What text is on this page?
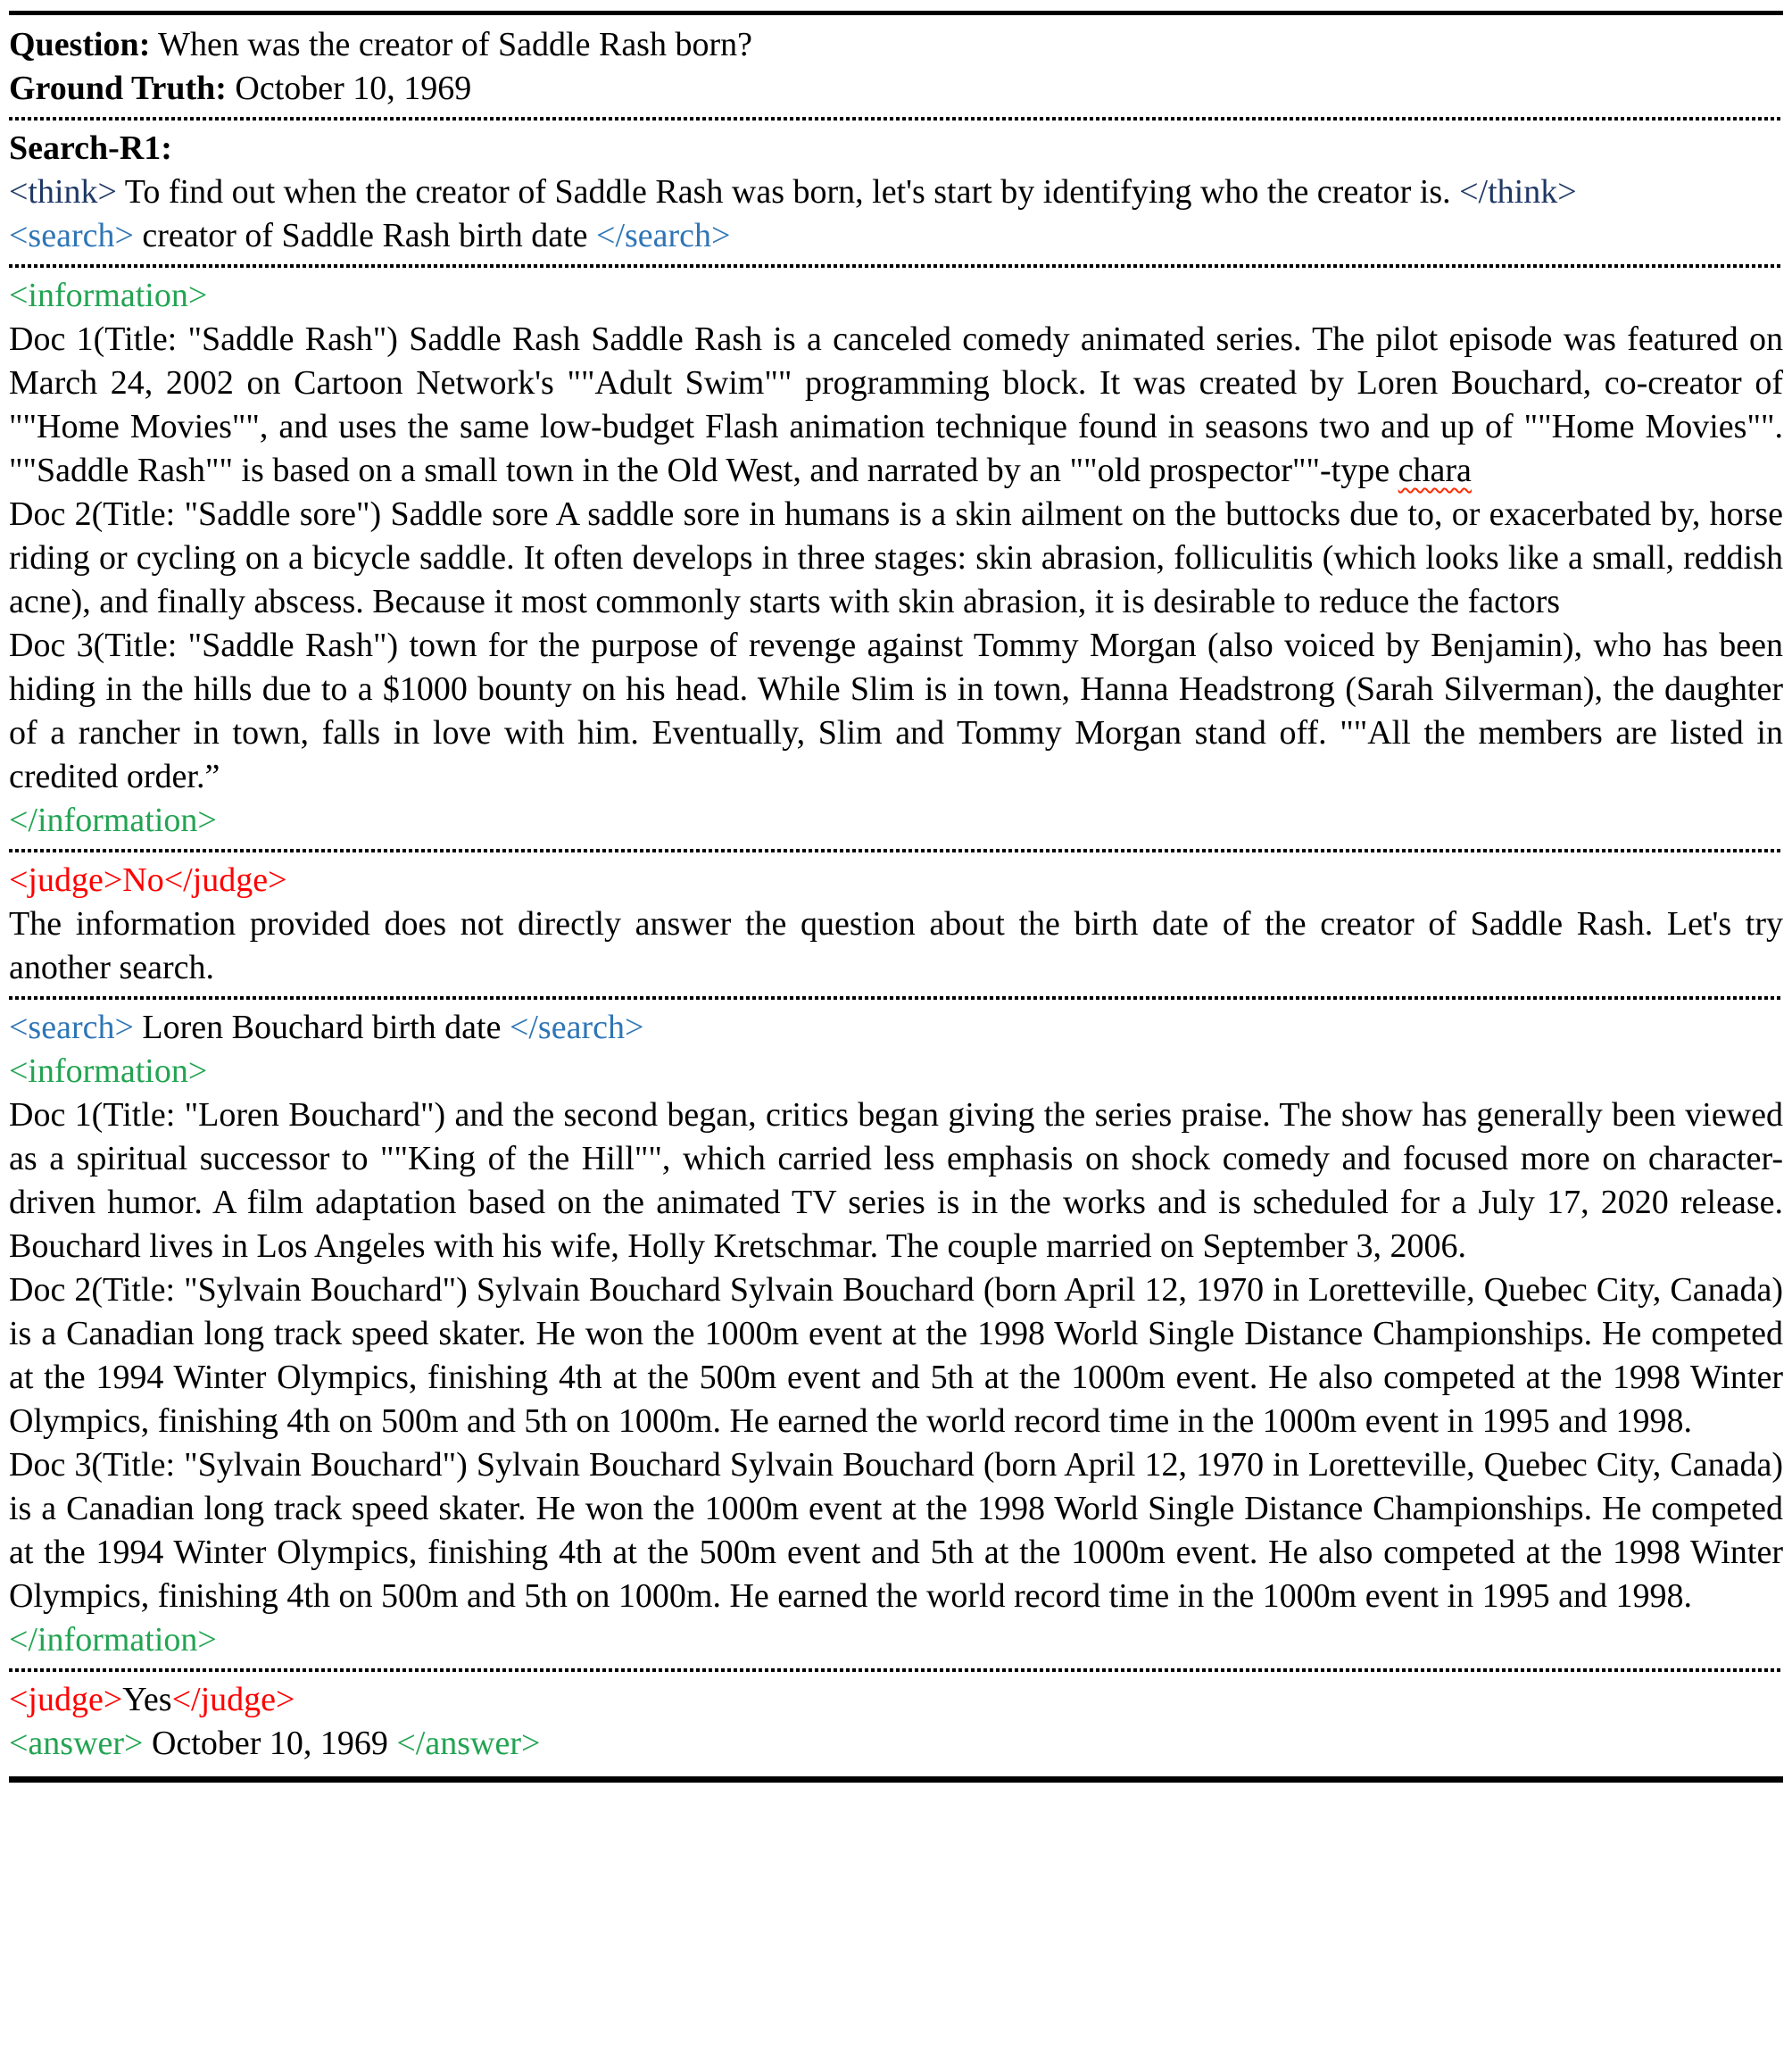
Question: When was the creator of Saddle Rash born?

Ground Truth: October 10, 1969

Search-R1:

<think> To find out when the creator of Saddle Rash was born, let's start by identifying who the creator is. </think>

<search> creator of Saddle Rash birth date </search>

<information>

Doc 1(Title: "Saddle Rash") Saddle Rash Saddle Rash is a canceled comedy animated series. The pilot episode was featured on March 24, 2002 on Cartoon Network's ""Adult Swim"" programming block. It was created by Loren Bouchard, co-creator of ""Home Movies"", and uses the same low-budget Flash animation technique found in seasons two and up of ""Home Movies"". ""Saddle Rash"" is based on a small town in the Old West, and narrated by an ""old prospector""-type chara

Doc 2(Title: "Saddle sore") Saddle sore A saddle sore in humans is a skin ailment on the buttocks due to, or exacerbated by, horse riding or cycling on a bicycle saddle. It often develops in three stages: skin abrasion, folliculitis (which looks like a small, reddish acne), and finally abscess. Because it most commonly starts with skin abrasion, it is desirable to reduce the factors

Doc 3(Title: "Saddle Rash") town for the purpose of revenge against Tommy Morgan (also voiced by Benjamin), who has been hiding in the hills due to a $1000 bounty on his head. While Slim is in town, Hanna Headstrong (Sarah Silverman), the daughter of a rancher in town, falls in love with him. Eventually, Slim and Tommy Morgan stand off. ""All the members are listed in credited order.”

</information>

<judge>No</judge>

The information provided does not directly answer the question about the birth date of the creator of Saddle Rash. Let's try another search.

<search> Loren Bouchard birth date </search>

<information>

Doc 1(Title: "Loren Bouchard") and the second began, critics began giving the series praise. The show has generally been viewed as a spiritual successor to ""King of the Hill"", which carried less emphasis on shock comedy and focused more on character-driven humor. A film adaptation based on the animated TV series is in the works and is scheduled for a July 17, 2020 release. Bouchard lives in Los Angeles with his wife, Holly Kretschmar. The couple married on September 3, 2006.

Doc 2(Title: "Sylvain Bouchard") Sylvain Bouchard Sylvain Bouchard (born April 12, 1970 in Loretteville, Quebec City, Canada) is a Canadian long track speed skater. He won the 1000m event at the 1998 World Single Distance Championships. He competed at the 1994 Winter Olympics, finishing 4th at the 500m event and 5th at the 1000m event. He also competed at the 1998 Winter Olympics, finishing 4th on 500m and 5th on 1000m. He earned the world record time in the 1000m event in 1995 and 1998.

Doc 3(Title: "Sylvain Bouchard") Sylvain Bouchard Sylvain Bouchard (born April 12, 1970 in Loretteville, Quebec City, Canada) is a Canadian long track speed skater. He won the 1000m event at the 1998 World Single Distance Championships. He competed at the 1994 Winter Olympics, finishing 4th at the 500m event and 5th at the 1000m event. He also competed at the 1998 Winter Olympics, finishing 4th on 500m and 5th on 1000m. He earned the world record time in the 1000m event in 1995 and 1998.

</information>

<judge>Yes</judge>

<answer> October 10, 1969 </answer>
